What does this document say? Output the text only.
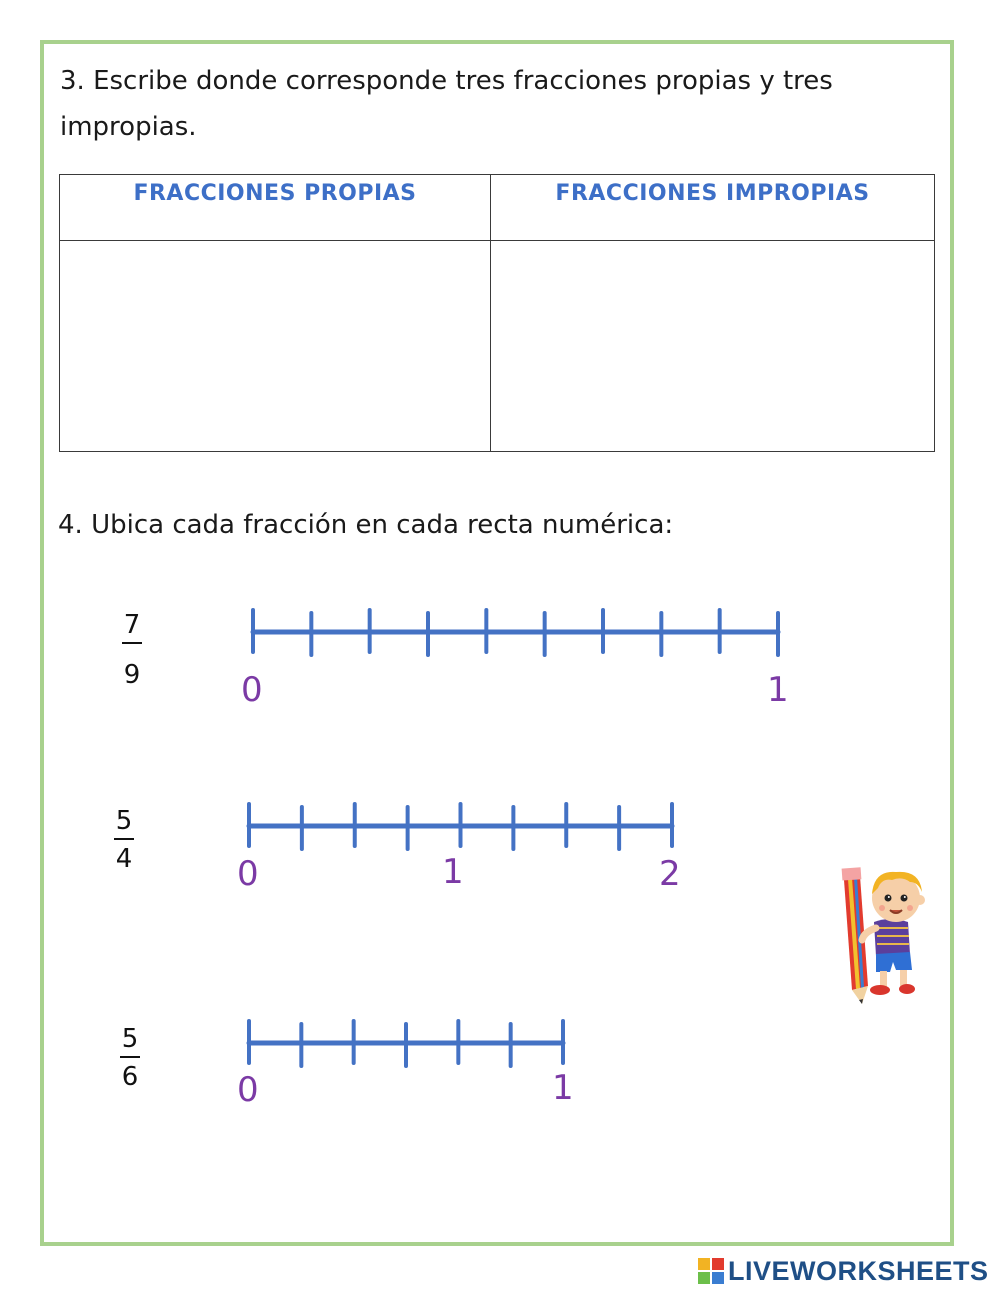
3. Escribe donde corresponde tres fracciones propias y tres impropias.

FRACCIONES PROPIAS	FRACCIONES IMPROPIAS

4. Ubica cada fracción en cada recta numérica:

7
9
5
4
5
6
0	1
0	1	2
0	1
LIVEWORKSHEETS
